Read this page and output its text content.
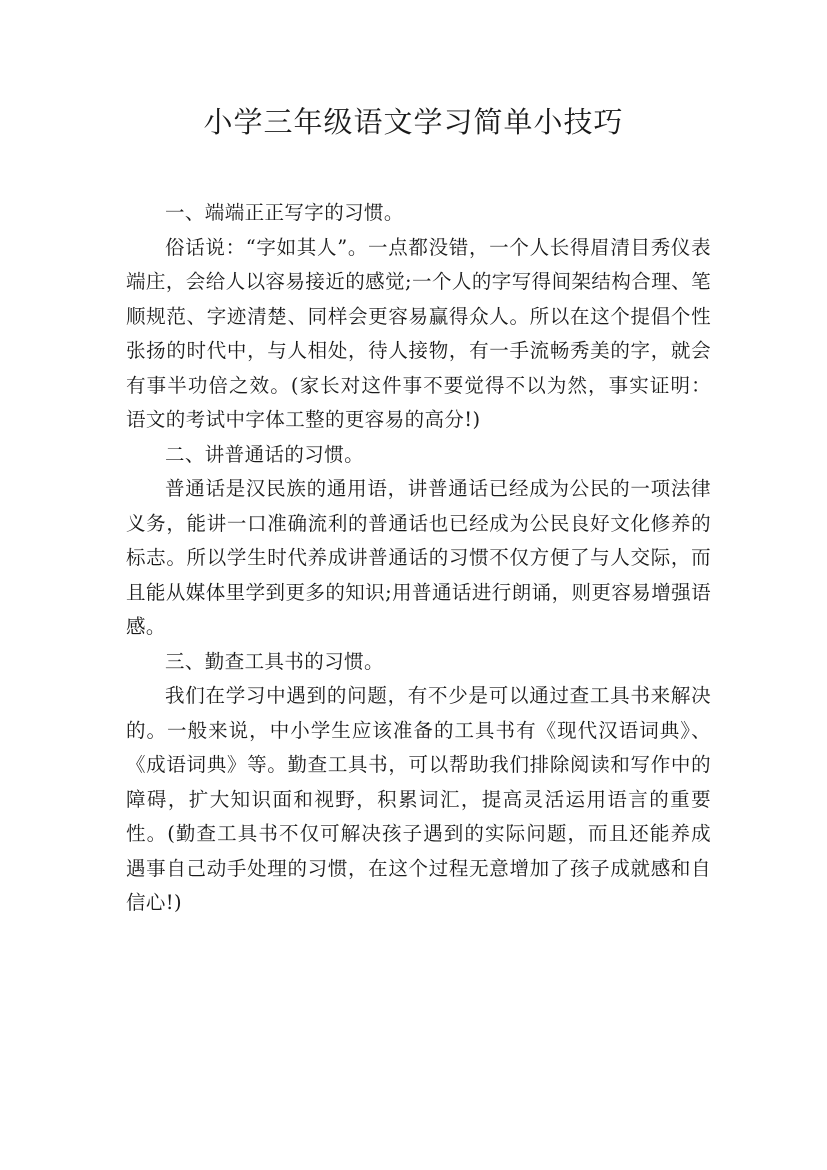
小学三年级语文学习简单小技巧

一、端端正正写字的习惯。

俗话说：“字如其人”。一点都没错，一个人长得眉清目秀仪表端庄，会给人以容易接近的感觉;一个人的字写得间架结构合理、笔顺规范、字迹清楚、同样会更容易赢得众人。所以在这个提倡个性张扬的时代中，与人相处，待人接物，有一手流畅秀美的字，就会有事半功倍之效。(家长对这件事不要觉得不以为然，事实证明：语文的考试中字体工整的更容易的高分!)

二、讲普通话的习惯。

普通话是汉民族的通用语，讲普通话已经成为公民的一项法律义务，能讲一口准确流利的普通话也已经成为公民良好文化修养的标志。所以学生时代养成讲普通话的习惯不仅方便了与人交际，而且能从媒体里学到更多的知识;用普通话进行朗诵，则更容易增强语感。

三、勤查工具书的习惯。

我们在学习中遇到的问题，有不少是可以通过查工具书来解决的。一般来说，中小学生应该准备的工具书有《现代汉语词典》、《成语词典》等。勤查工具书，可以帮助我们排除阅读和写作中的障碍，扩大知识面和视野，积累词汇，提高灵活运用语言的重要性。(勤查工具书不仅可解决孩子遇到的实际问题，而且还能养成遇事自己动手处理的习惯，在这个过程无意增加了孩子成就感和自信心!)
